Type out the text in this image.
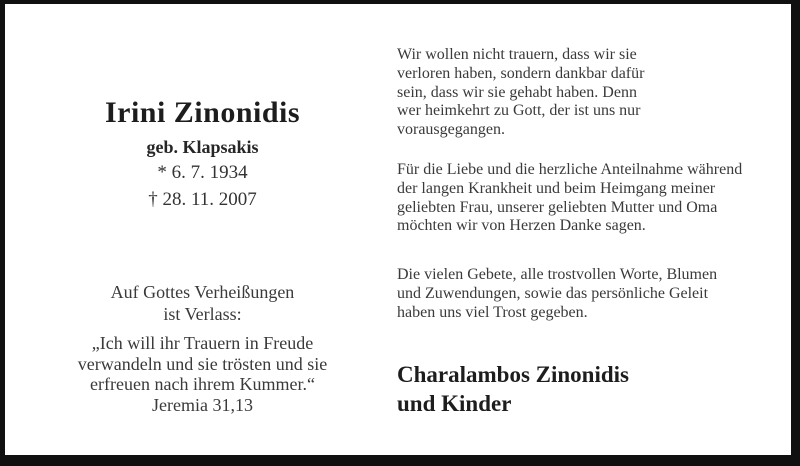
Irini Zinonidis
geb. Klapsakis
* 6. 7. 1934
† 28. 11. 2007
Auf Gottes Verheißungen
ist Verlass:
„Ich will ihr Trauern in Freude
verwandeln und sie trösten und sie
erfreuen nach ihrem Kummer.“
Jeremia 31,13
Wir wollen nicht trauern, dass wir sie
verloren haben, sondern dankbar dafür
sein, dass wir sie gehabt haben. Denn
wer heimkehrt zu Gott, der ist uns nur
vorausgegangen.
Für die Liebe und die herzliche Anteilnahme während
der langen Krankheit und beim Heimgang meiner
geliebten Frau, unserer geliebten Mutter und Oma
möchten wir von Herzen Danke sagen.
Die vielen Gebete, alle trostvollen Worte, Blumen
und Zuwendungen, sowie das persönliche Geleit
haben uns viel Trost gegeben.
Charalambos Zinonidis
und Kinder
